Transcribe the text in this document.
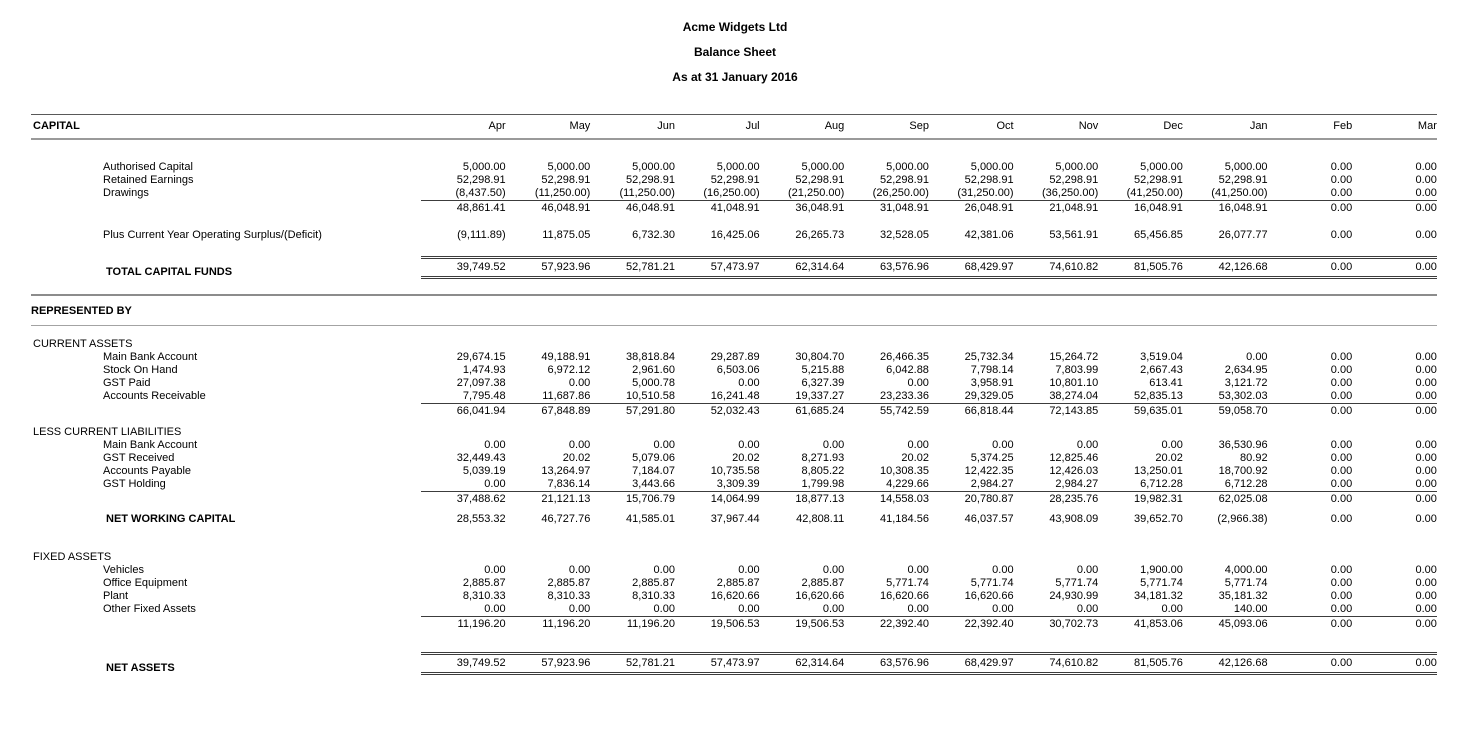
Acme Widgets Ltd
Balance Sheet
As at 31 January 2016
CAPITAL	Apr	May	Jun	Jul	Aug	Sep	Oct	Nov	Dec	Jan	Feb	Mar
Authorised Capital	5,000.00	5,000.00	5,000.00	5,000.00	5,000.00	5,000.00	5,000.00	5,000.00	5,000.00	5,000.00	0.00	0.00
Retained Earnings	52,298.91	52,298.91	52,298.91	52,298.91	52,298.91	52,298.91	52,298.91	52,298.91	52,298.91	52,298.91	0.00	0.00
Drawings	(8,437.50)	(11,250.00)	(11,250.00)	(16,250.00)	(21,250.00)	(26,250.00)	(31,250.00)	(36,250.00)	(41,250.00)	(41,250.00)	0.00	0.00
48,861.41	46,048.91	46,048.91	41,048.91	36,048.91	31,048.91	26,048.91	21,048.91	16,048.91	16,048.91	0.00	0.00
Plus Current Year Operating Surplus/(Deficit)	(9,111.89)	11,875.05	6,732.30	16,425.06	26,265.73	32,528.05	42,381.06	53,561.91	65,456.85	26,077.77	0.00	0.00
TOTAL CAPITAL FUNDS	39,749.52	57,923.96	52,781.21	57,473.97	62,314.64	63,576.96	68,429.97	74,610.82	81,505.76	42,126.68	0.00	0.00
REPRESENTED BY
CURRENT ASSETS
Main Bank Account	29,674.15	49,188.91	38,818.84	29,287.89	30,804.70	26,466.35	25,732.34	15,264.72	3,519.04	0.00	0.00	0.00
Stock On Hand	1,474.93	6,972.12	2,961.60	6,503.06	5,215.88	6,042.88	7,798.14	7,803.99	2,667.43	2,634.95	0.00	0.00
GST Paid	27,097.38	0.00	5,000.78	0.00	6,327.39	0.00	3,958.91	10,801.10	613.41	3,121.72	0.00	0.00
Accounts Receivable	7,795.48	11,687.86	10,510.58	16,241.48	19,337.27	23,233.36	29,329.05	38,274.04	52,835.13	53,302.03	0.00	0.00
66,041.94	67,848.89	57,291.80	52,032.43	61,685.24	55,742.59	66,818.44	72,143.85	59,635.01	59,058.70	0.00	0.00
LESS CURRENT LIABILITIES
Main Bank Account	0.00	0.00	0.00	0.00	0.00	0.00	0.00	0.00	0.00	36,530.96	0.00	0.00
GST Received	32,449.43	20.02	5,079.06	20.02	8,271.93	20.02	5,374.25	12,825.46	20.02	80.92	0.00	0.00
Accounts Payable	5,039.19	13,264.97	7,184.07	10,735.58	8,805.22	10,308.35	12,422.35	12,426.03	13,250.01	18,700.92	0.00	0.00
GST Holding	0.00	7,836.14	3,443.66	3,309.39	1,799.98	4,229.66	2,984.27	2,984.27	6,712.28	6,712.28	0.00	0.00
37,488.62	21,121.13	15,706.79	14,064.99	18,877.13	14,558.03	20,780.87	28,235.76	19,982.31	62,025.08	0.00	0.00
NET WORKING CAPITAL	28,553.32	46,727.76	41,585.01	37,967.44	42,808.11	41,184.56	46,037.57	43,908.09	39,652.70	(2,966.38)	0.00	0.00
FIXED ASSETS
Vehicles	0.00	0.00	0.00	0.00	0.00	0.00	0.00	0.00	1,900.00	4,000.00	0.00	0.00
Office Equipment	2,885.87	2,885.87	2,885.87	2,885.87	2,885.87	5,771.74	5,771.74	5,771.74	5,771.74	5,771.74	0.00	0.00
Plant	8,310.33	8,310.33	8,310.33	16,620.66	16,620.66	16,620.66	16,620.66	24,930.99	34,181.32	35,181.32	0.00	0.00
Other Fixed Assets	0.00	0.00	0.00	0.00	0.00	0.00	0.00	0.00	0.00	140.00	0.00	0.00
11,196.20	11,196.20	11,196.20	19,506.53	19,506.53	22,392.40	22,392.40	30,702.73	41,853.06	45,093.06	0.00	0.00
NET ASSETS	39,749.52	57,923.96	52,781.21	57,473.97	62,314.64	63,576.96	68,429.97	74,610.82	81,505.76	42,126.68	0.00	0.00
